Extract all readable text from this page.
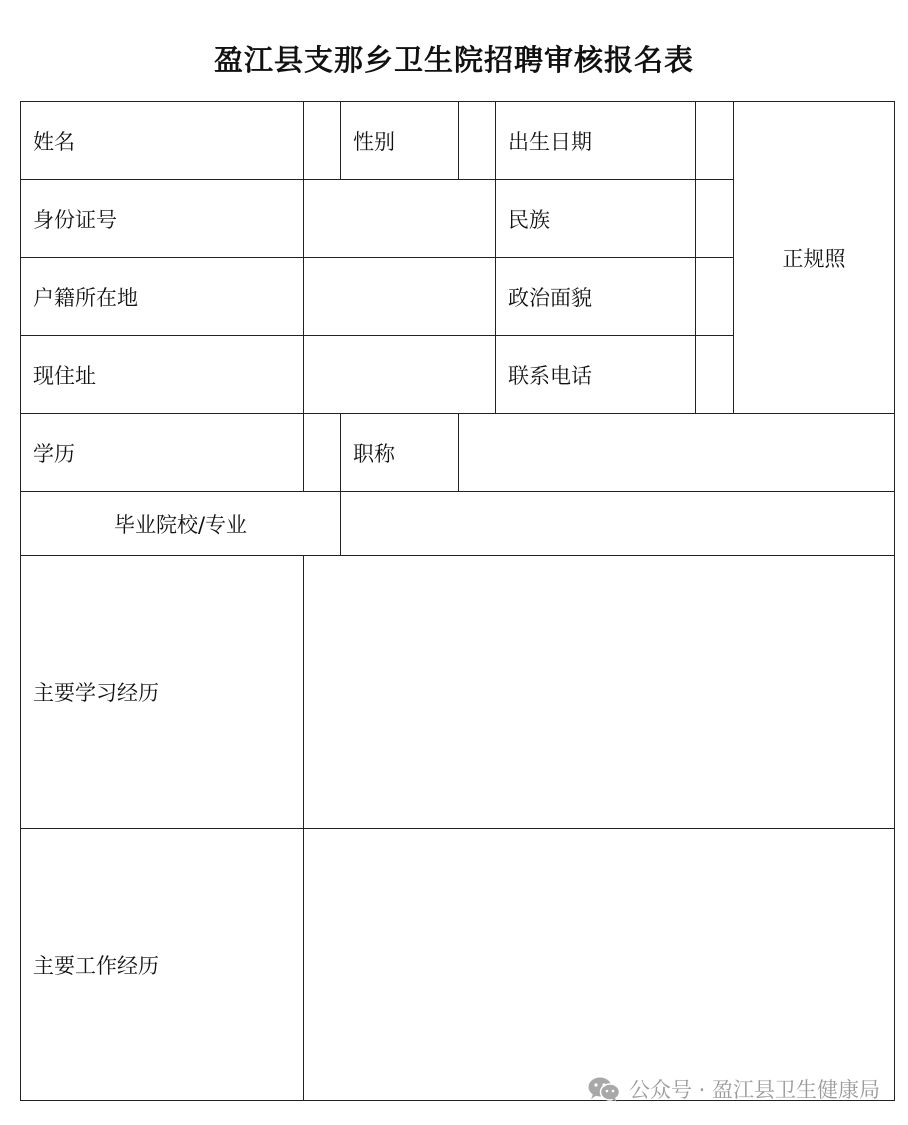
盈江县支那乡卫生院招聘审核报名表
姓名		性别		出生日期		正规照
身份证号				民族		
户籍所在地				政治面貌		
现住址				联系电话		
学历		职称				
毕业院校/专业						
主要学习经历						
主要工作经历						
公众号 · 盈江县卫生健康局
